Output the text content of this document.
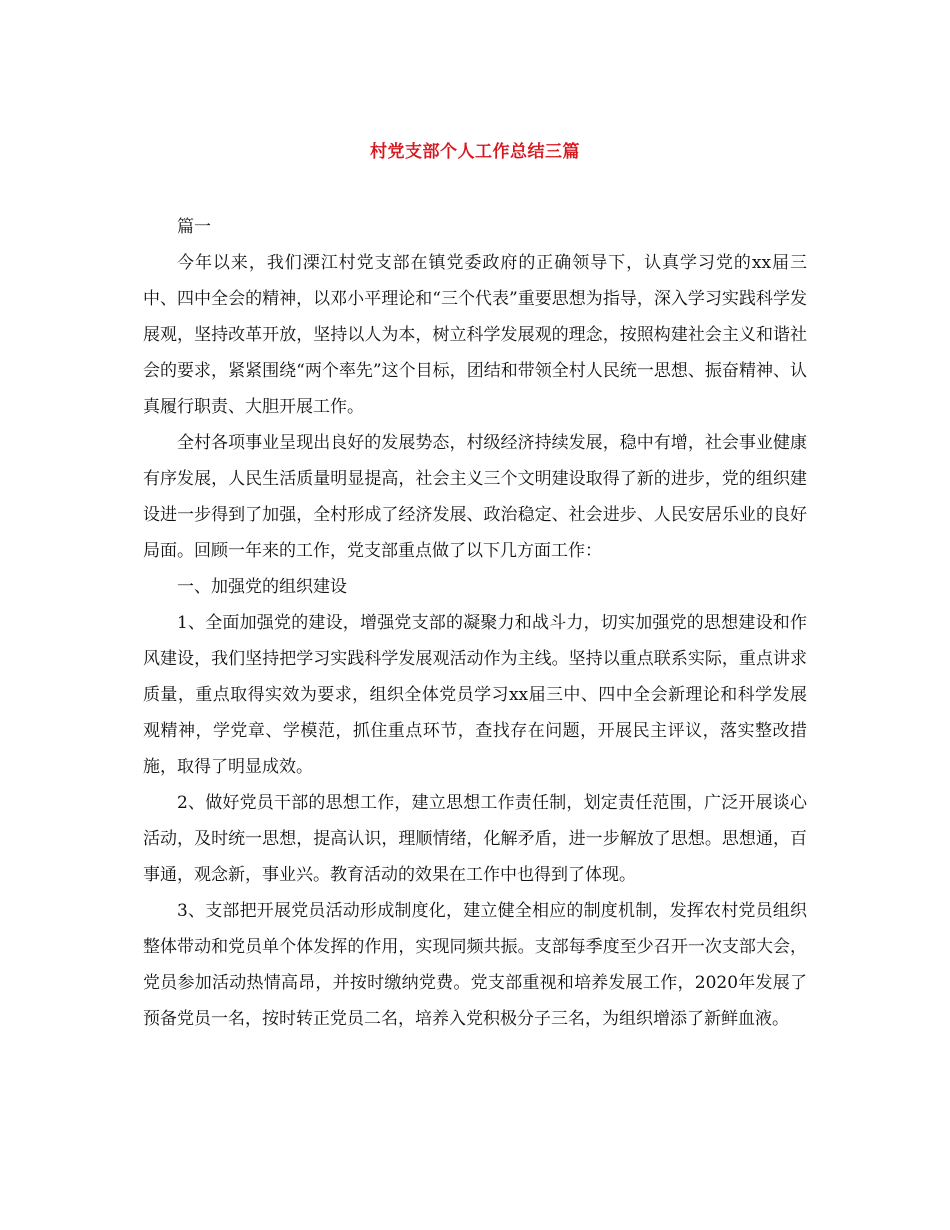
村党支部个人工作总结三篇

篇一

今年以来，我们溧江村党支部在镇党委政府的正确领导下，认真学习党的xx届三中、四中全会的精神，以邓小平理论和“三个代表”重要思想为指导，深入学习实践科学发展观，坚持改革开放，坚持以人为本，树立科学发展观的理念，按照构建社会主义和谐社会的要求，紧紧围绕“两个率先”这个目标，团结和带领全村人民统一思想、振奋精神、认真履行职责、大胆开展工作。

全村各项事业呈现出良好的发展势态，村级经济持续发展，稳中有增，社会事业健康有序发展，人民生活质量明显提高，社会主义三个文明建设取得了新的进步，党的组织建设进一步得到了加强，全村形成了经济发展、政治稳定、社会进步、人民安居乐业的良好局面。回顾一年来的工作，党支部重点做了以下几方面工作：

一、加强党的组织建设

1、全面加强党的建设，增强党支部的凝聚力和战斗力，切实加强党的思想建设和作风建设，我们坚持把学习实践科学发展观活动作为主线。坚持以重点联系实际，重点讲求质量，重点取得实效为要求，组织全体党员学习xx届三中、四中全会新理论和科学发展观精神，学党章、学模范，抓住重点环节，查找存在问题，开展民主评议，落实整改措施，取得了明显成效。

2、做好党员干部的思想工作，建立思想工作责任制，划定责任范围，广泛开展谈心活动，及时统一思想，提高认识，理顺情绪，化解矛盾，进一步解放了思想。思想通，百事通，观念新，事业兴。教育活动的效果在工作中也得到了体现。

3、支部把开展党员活动形成制度化，建立健全相应的制度机制，发挥农村党员组织整体带动和党员单个体发挥的作用，实现同频共振。支部每季度至少召开一次支部大会，党员参加活动热情高昂，并按时缴纳党费。党支部重视和培养发展工作，2020年发展了预备党员一名，按时转正党员二名，培养入党积极分子三名，为组织增添了新鲜血液。
